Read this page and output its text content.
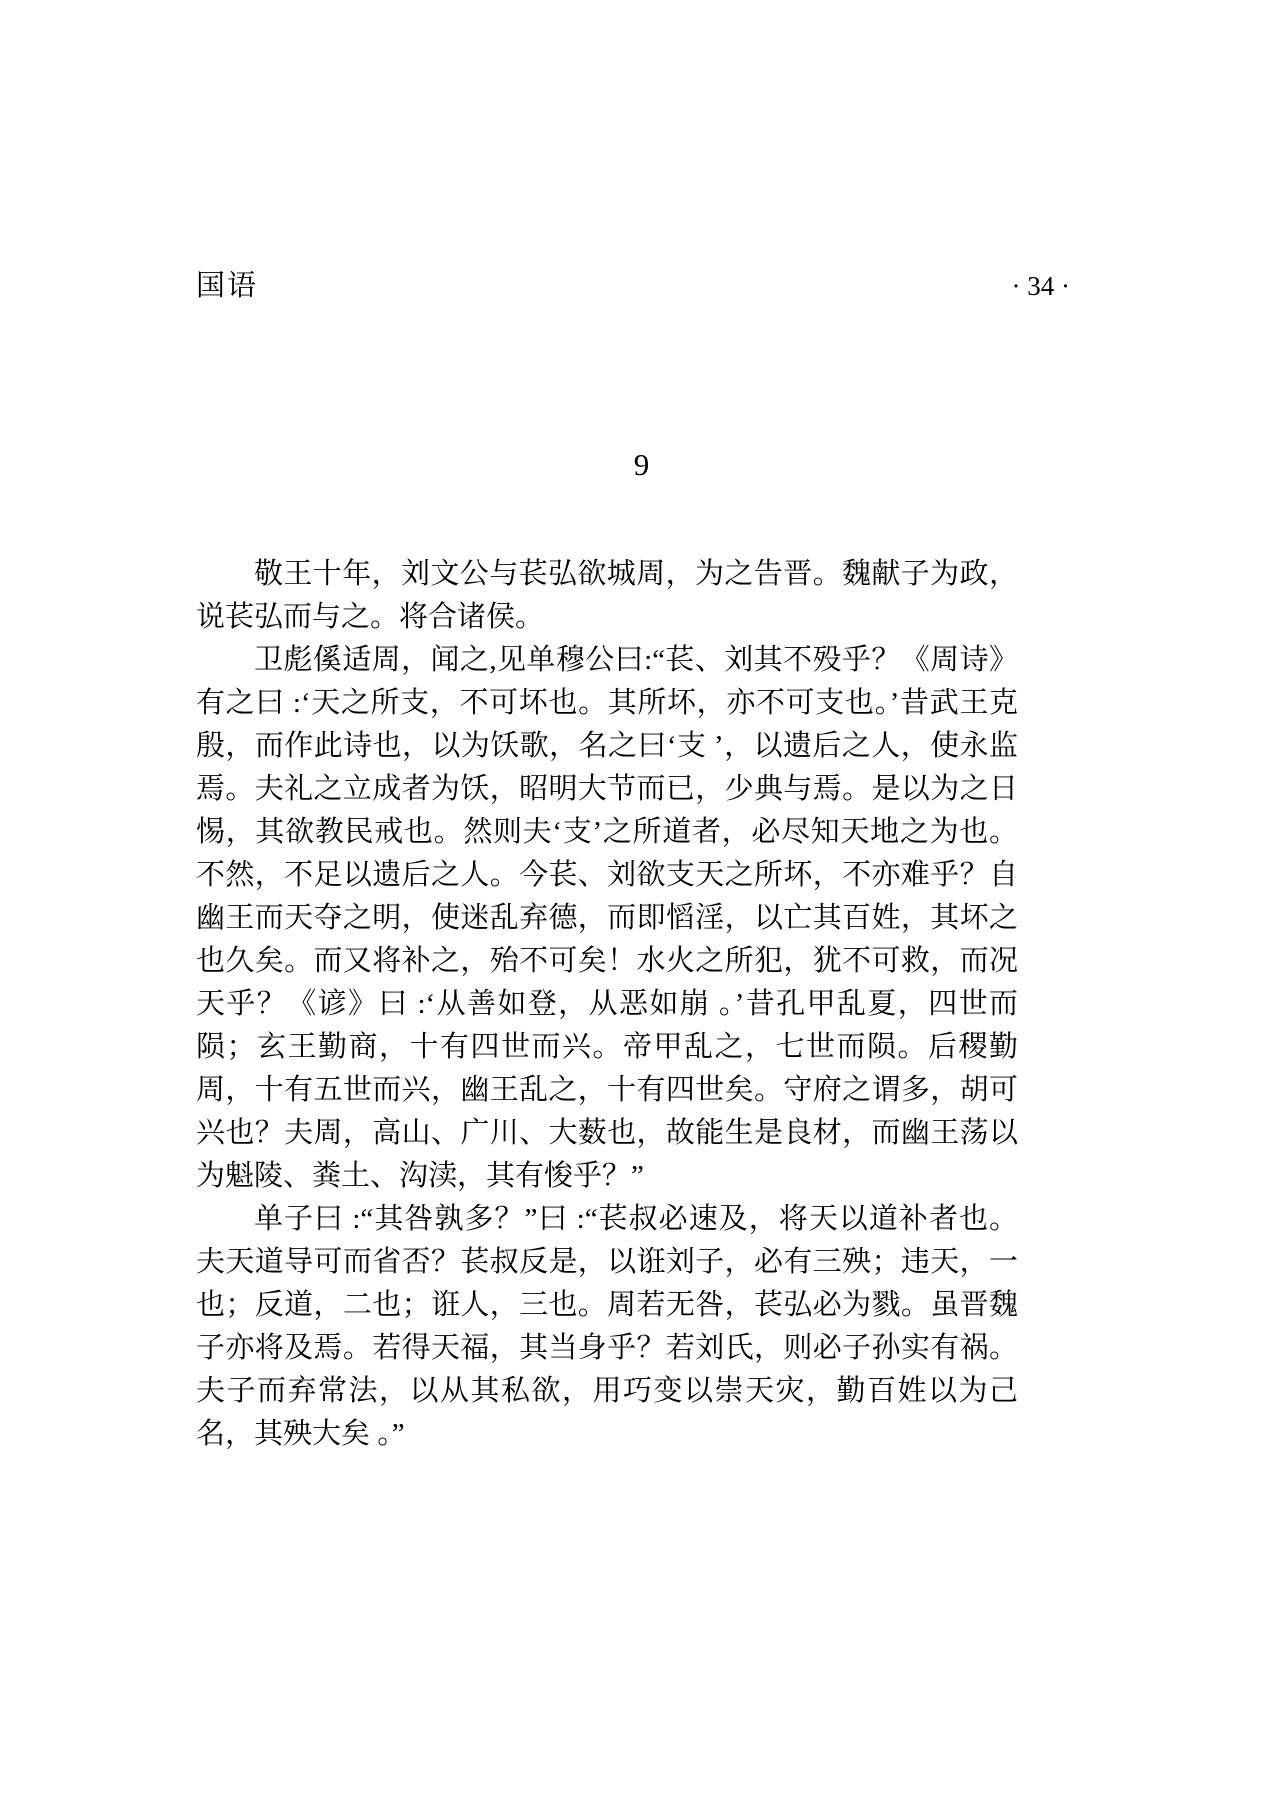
国语	· 34 ·
9

敬王十年，刘文公与苌弘欲城周，为之告晋。魏献子为政，说苌弘而与之。将合诸侯。

卫彪傒适周，闻之,见单穆公曰:“苌、刘其不殁乎？《周诗》有之曰 :‘天之所支，不可坏也。其所坏，亦不可支也。’昔武王克殷，而作此诗也，以为饫歌，名之曰‘支 ’，以遗后之人，使永监焉。夫礼之立成者为饫，昭明大节而已，少典与焉。是以为之日惕，其欲教民戒也。然则夫‘支’之所道者，必尽知天地之为也。不然，不足以遗后之人。今苌、刘欲支天之所坏，不亦难乎？自幽王而天夺之明，使迷乱弃德，而即慆淫，以亡其百姓，其坏之也久矣。而又将补之，殆不可矣！水火之所犯，犹不可救，而况天乎？《谚》曰 :‘从善如登，从恶如崩 。’昔孔甲乱夏，四世而陨；玄王勤商，十有四世而兴。帝甲乱之，七世而陨。后稷勤周，十有五世而兴，幽王乱之，十有四世矣。守府之谓多，胡可兴也？夫周，高山、广川、大薮也，故能生是良材，而幽王荡以为魁陵、粪土、沟渎，其有悛乎？”

单子曰 :“其咎孰多？”曰 :“苌叔必速及，将天以道补者也。夫天道导可而省否？苌叔反是，以诳刘子，必有三殃；违天，一也；反道，二也；诳人，三也。周若无咎，苌弘必为戮。虽晋魏子亦将及焉。若得天福，其当身乎？若刘氏，则必子孙实有祸。夫子而弃常法，以从其私欲，用巧变以崇天灾，勤百姓以为己名，其殃大矣 。”
